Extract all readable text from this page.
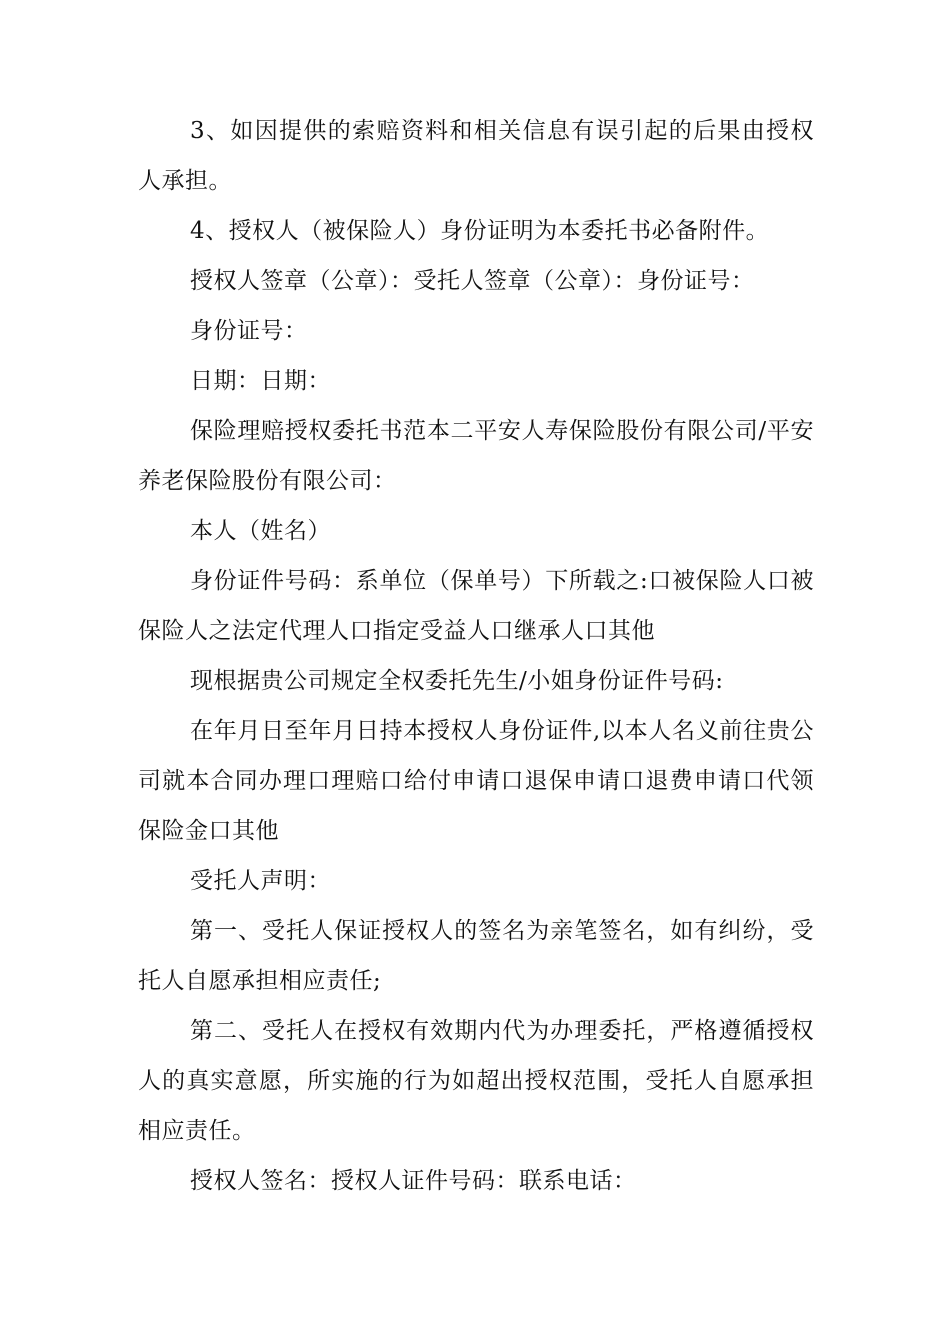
3、如因提供的索赔资料和相关信息有误引起的后果由授权人承担。

4、授权人（被保险人）身份证明为本委托书必备附件。

授权人签章（公章）：受托人签章（公章）：身份证号：

身份证号：

日期：日期：

保险理赔授权委托书范本二平安人寿保险股份有限公司/平安养老保险股份有限公司：

本人（姓名）

身份证件号码：系单位（保单号）下所载之:口被保险人口被保险人之法定代理人口指定受益人口继承人口其他

现根据贵公司规定全权委托先生/小姐身份证件号码:

在年月日至年月日持本授权人身份证件,以本人名义前往贵公司就本合同办理口理赔口给付申请口退保申请口退费申请口代领保险金口其他

受托人声明：

第一、受托人保证授权人的签名为亲笔签名，如有纠纷，受托人自愿承担相应责任;

第二、受托人在授权有效期内代为办理委托，严格遵循授权人的真实意愿，所实施的行为如超出授权范围，受托人自愿承担相应责任。

授权人签名：授权人证件号码：联系电话：
